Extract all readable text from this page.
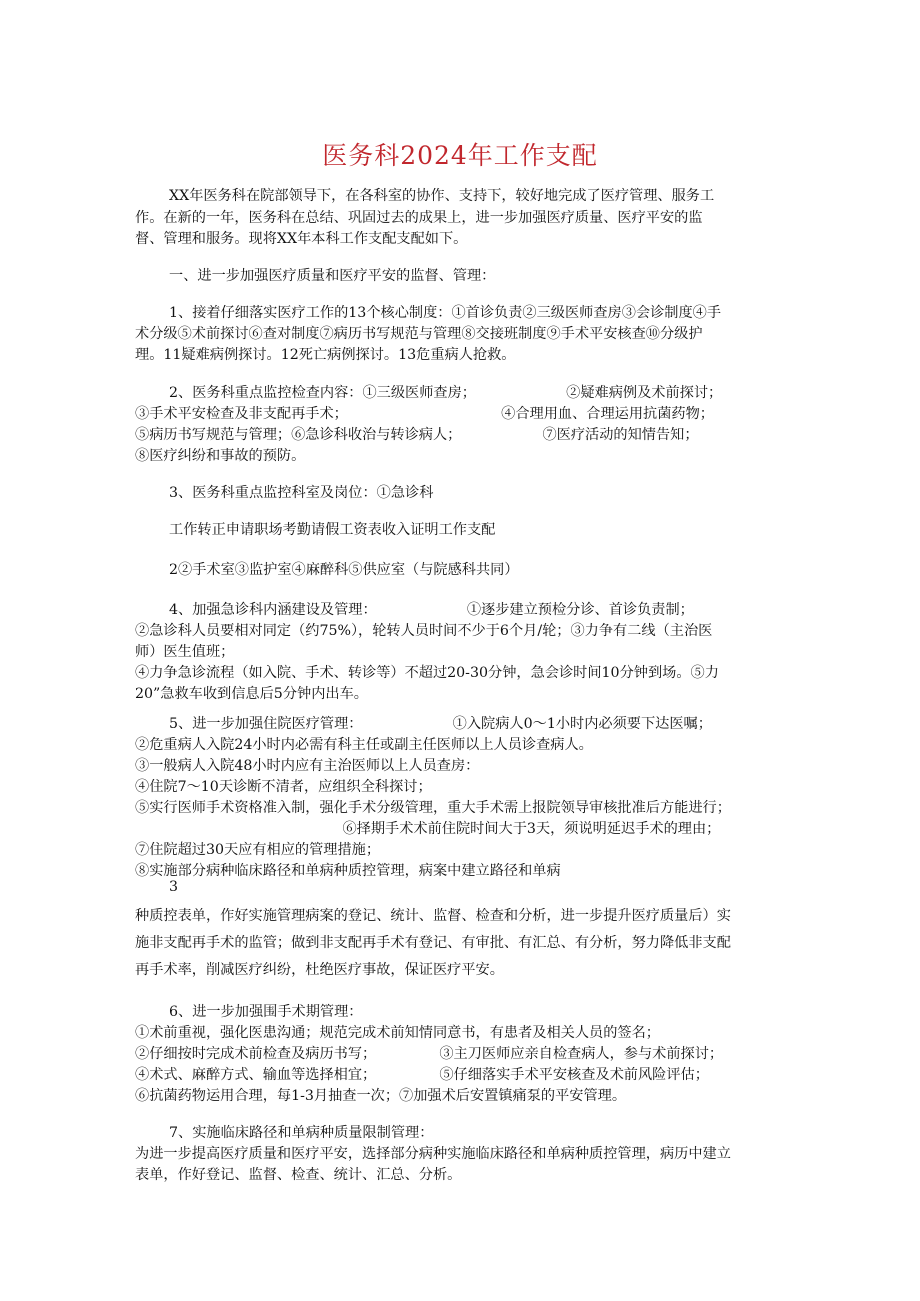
医务科2024年工作支配
XX年医务科在院部领导下，在各科室的协作、支持下，较好地完成了医疗管理、服务工
作。在新的一年，医务科在总结、巩固过去的成果上，进一步加强医疗质量、医疗平安的监
督、管理和服务。现将XX年本科工作支配支配如下。
一、进一步加强医疗质量和医疗平安的监督、管理：
1、接着仔细落实医疗工作的13个核心制度：①首诊负责②三级医师查房③会诊制度④手
术分级⑤术前探讨⑥查对制度⑦病历书写规范与管理⑧交接班制度⑨手术平安核查⑩分级护
理。11疑难病例探讨。12死亡病例探讨。13危重病人抢救。
2、医务科重点监控检查内容：①三级医师查房；                    ②疑难病例及术前探讨；
③手术平安检查及非支配再手术；                                  ④合理用血、合理运用抗菌药物；
⑤病历书写规范与管理；⑥急诊科收治与转诊病人；                  ⑦医疗活动的知情告知；
⑧医疗纠纷和事故的预防。
3、医务科重点监控科室及岗位：①急诊科
工作转正申请职场考勤请假工资表收入证明工作支配
2②手术室③监护室④麻醉科⑤供应室（与院感科共同）
4、加强急诊科内涵建设及管理：                    ①逐步建立预检分诊、首诊负责制；
②急诊科人员要相对同定（约75%），轮转人员时间不少于6个月/轮；③力争有二线（主治医
师）医生值班；
④力争急诊流程（如入院、手术、转诊等）不超过20-30分钟，急会诊时间10分钟到场。⑤力
20”急救车收到信息后5分钟内出车。
5、进一步加强住院医疗管理：                    ①入院病人0～1小时内必须要下达医嘱；
②危重病人入院24小时内必需有科主任或副主任医师以上人员诊查病人。
③一般病人入院48小时内应有主治医师以上人员查房：
④住院7～10天诊断不清者，应组织全科探讨；
⑤实行医师手术资格准入制，强化手术分级管理，重大手术需上报院领导审核批准后方能进行；
⑥择期手术术前住院时间大于3天，须说明延迟手术的理由；
⑦住院超过30天应有相应的管理措施；
⑧实施部分病种临床路径和单病种质控管理，病案中建立路径和单病
3
种质控表单，作好实施管理病案的登记、统计、监督、检查和分析，进一步提升医疗质量后）实
施非支配再手术的监管；做到非支配再手术有登记、有审批、有汇总、有分析，努力降低非支配
再手术率，削减医疗纠纷，杜绝医疗事故，保证医疗平安。
6、进一步加强围手术期管理：
①术前重视，强化医患沟通；规范完成术前知情同意书，有患者及相关人员的签名；
②仔细按时完成术前检查及病历书写；              ③主刀医师应亲自检查病人，参与术前探讨；
④术式、麻醉方式、输血等选择相宜；              ⑤仔细落实手术平安核查及术前风险评估；
⑥抗菌药物运用合理，每1-3月抽查一次；⑦加强术后安置镇痛泵的平安管理。
7、实施临床路径和单病种质量限制管理：
为进一步提高医疗质量和医疗平安，选择部分病种实施临床路径和单病种质控管理，病历中建立
表单，作好登记、监督、检查、统计、汇总、分析。
